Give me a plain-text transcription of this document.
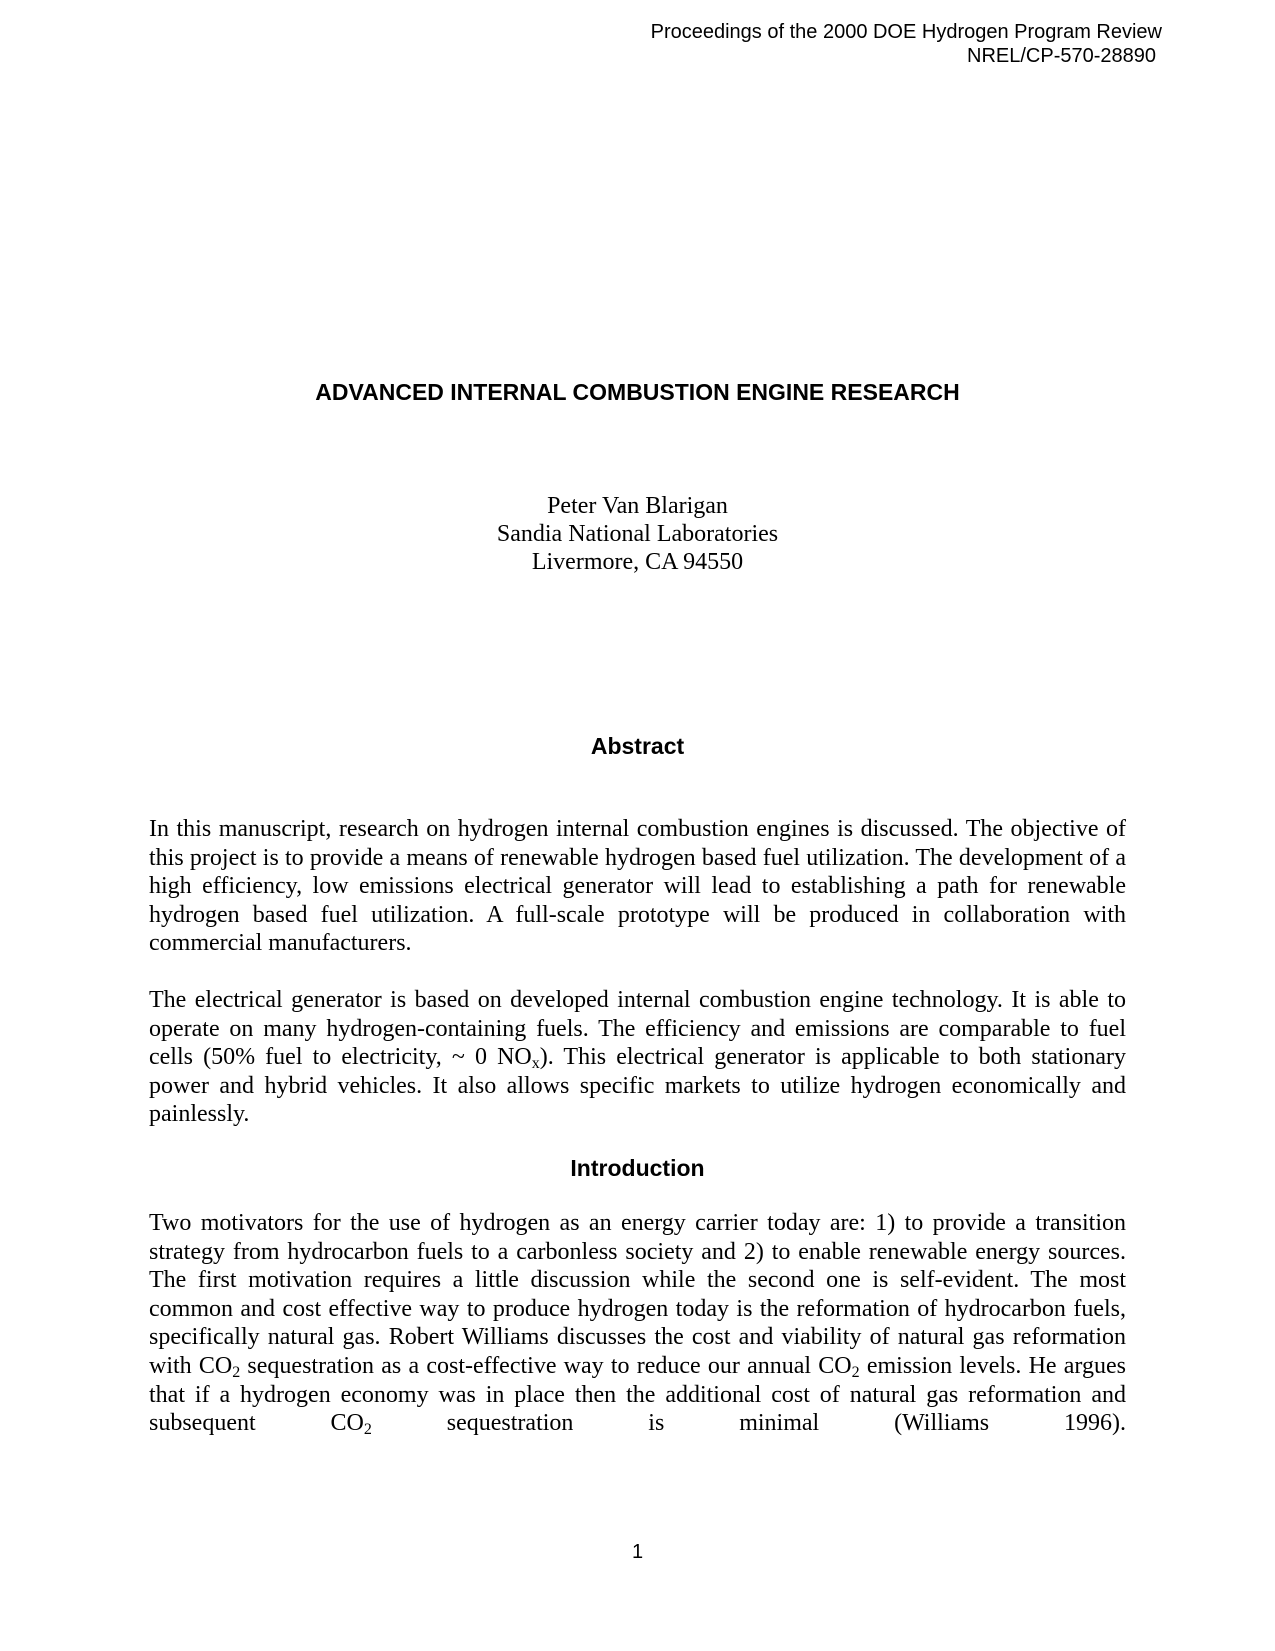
Proceedings of the 2000 DOE Hydrogen Program Review
NREL/CP-570-28890
ADVANCED INTERNAL COMBUSTION ENGINE RESEARCH
Peter Van Blarigan
Sandia National Laboratories
Livermore, CA 94550
Abstract

In this manuscript, research on hydrogen internal combustion engines is discussed. The objective of this project is to provide a means of renewable hydrogen based fuel utilization. The development of a high efficiency, low emissions electrical generator will lead to establishing a path for renewable hydrogen based fuel utilization. A full-scale prototype will be produced in collaboration with commercial manufacturers.

The electrical generator is based on developed internal combustion engine technology. It is able to operate on many hydrogen-containing fuels. The efficiency and emissions are comparable to fuel cells (50% fuel to electricity, ~ 0 $NO_x$). This electrical generator is applicable to both stationary power and hybrid vehicles. It also allows specific markets to utilize hydrogen economically and painlessly.

Introduction

Two motivators for the use of hydrogen as an energy carrier today are: 1) to provide a transition strategy from hydrocarbon fuels to a carbonless society and 2) to enable renewable energy sources. The first motivation requires a little discussion while the second one is self-evident. The most common and cost effective way to produce hydrogen today is the reformation of hydrocarbon fuels, specifically natural gas. Robert Williams discusses the cost and viability of natural gas reformation with $CO_2$ sequestration as a cost-effective way to reduce our annual $CO_2$ emission levels. He argues that if a hydrogen economy was in place then the additional cost of natural gas reformation and subsequent $CO_2$ sequestration is minimal (Williams 1996).

1
